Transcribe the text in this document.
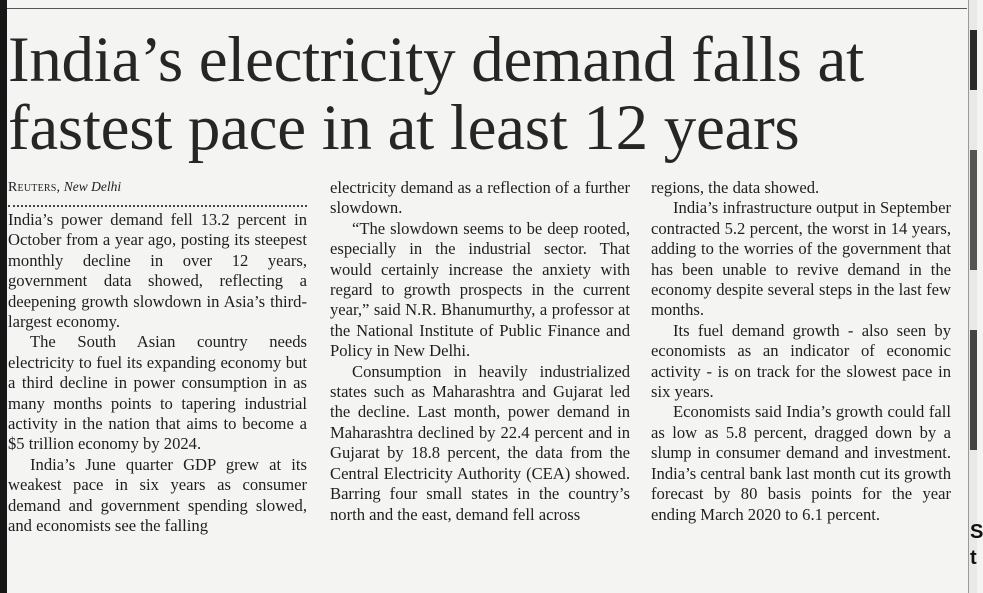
S
t
India’s electricity demand falls at fastest pace in at least 12 years
Reuters, New Delhi

India’s power demand fell 13.2 percent in October from a year ago, posting its steepest monthly decline in over 12 years, government data showed, reflecting a deepening growth slowdown in Asia’s third-largest economy.

The South Asian country needs electricity to fuel its expanding economy but a third decline in power consumption in as many months points to tapering industrial activity in the nation that aims to become a $5 trillion economy by 2024.

India’s June quarter GDP grew at its weakest pace in six years as consumer demand and government spending slowed, and economists see the falling

electricity demand as a reflection of a further slowdown.

“The slowdown seems to be deep rooted, especially in the industrial sector. That would certainly increase the anxiety with regard to growth prospects in the current year,” said N.R. Bhanumurthy, a professor at the National Institute of Public Finance and Policy in New Delhi.

Consumption in heavily industrialized states such as Maharashtra and Gujarat led the decline. Last month, power demand in Maharashtra declined by 22.4 percent and in Gujarat by 18.8 percent, the data from the Central Electricity Authority (CEA) showed. Barring four small states in the country’s north and the east, demand fell across

regions, the data showed.

India’s infrastructure output in September contracted 5.2 percent, the worst in 14 years, adding to the worries of the government that has been unable to revive demand in the economy despite several steps in the last few months.

Its fuel demand growth - also seen by economists as an indicator of economic activity - is on track for the slowest pace in six years.

Economists said India’s growth could fall as low as 5.8 percent, dragged down by a slump in consumer demand and investment. India’s central bank last month cut its growth forecast by 80 basis points for the year ending March 2020 to 6.1 percent.
